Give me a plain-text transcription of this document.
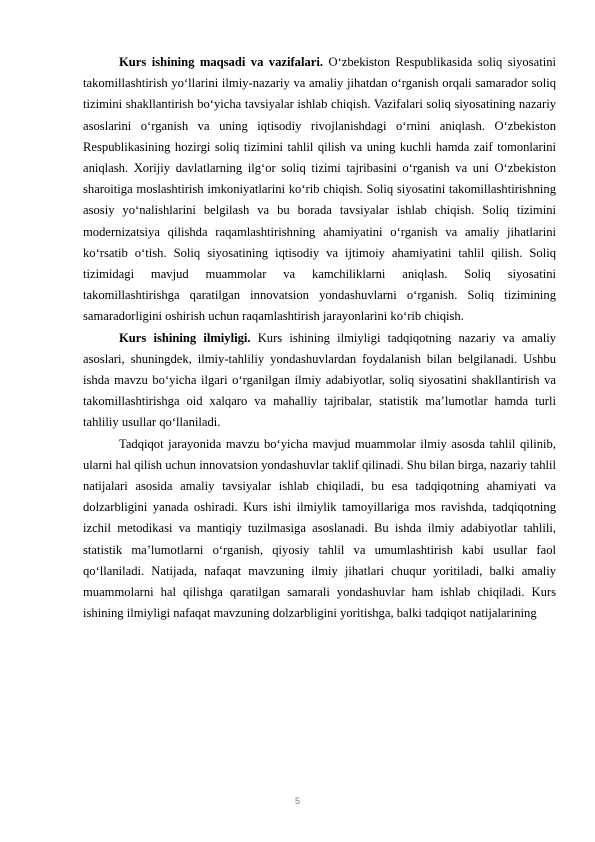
Kurs ishining maqsadi va vazifalari. O‘zbekiston Respublikasida soliq siyosatini takomillashtirish yo‘llarini ilmiy-nazariy va amaliy jihatdan o‘rganish orqali samarador soliq tizimini shakllantirish bo‘yicha tavsiyalar ishlab chiqish. Vazifalari soliq siyosatining nazariy asoslarini o‘rganish va uning iqtisodiy rivojlanishdagi o‘rnini aniqlash. O‘zbekiston Respublikasining hozirgi soliq tizimini tahlil qilish va uning kuchli hamda zaif tomonlarini aniqlash. Xorijiy davlatlarning ilg‘or soliq tizimi tajribasini o‘rganish va uni O‘zbekiston sharoitiga moslashtirish imkoniyatlarini ko‘rib chiqish. Soliq siyosatini takomillashtirishning asosiy yo‘nalishlarini belgilash va bu borada tavsiyalar ishlab chiqish. Soliq tizimini modernizatsiya qilishda raqamlashtirishning ahamiyatini o‘rganish va amaliy jihatlarini ko‘rsatib o‘tish. Soliq siyosatining iqtisodiy va ijtimoiy ahamiyatini tahlil qilish. Soliq tizimidagi mavjud muammolar va kamchiliklarni aniqlash. Soliq siyosatini takomillashtirishga qaratilgan innovatsion yondashuvlarni o‘rganish. Soliq tizimining samaradorligini oshirish uchun raqamlashtirish jarayonlarini ko‘rib chiqish.

Kurs ishining ilmiyligi. Kurs ishining ilmiyligi tadqiqotning nazariy va amaliy asoslari, shuningdek, ilmiy-tahliliy yondashuvlardan foydalanish bilan belgilanadi. Ushbu ishda mavzu bo‘yicha ilgari o‘rganilgan ilmiy adabiyotlar, soliq siyosatini shakllantirish va takomillashtirishga oid xalqaro va mahalliy tajribalar, statistik ma’lumotlar hamda turli tahliliy usullar qo‘llaniladi.

Tadqiqot jarayonida mavzu bo‘yicha mavjud muammolar ilmiy asosda tahlil qilinib, ularni hal qilish uchun innovatsion yondashuvlar taklif qilinadi. Shu bilan birga, nazariy tahlil natijalari asosida amaliy tavsiyalar ishlab chiqiladi, bu esa tadqiqotning ahamiyati va dolzarbligini yanada oshiradi. Kurs ishi ilmiylik tamoyillariga mos ravishda, tadqiqotning izchil metodikasi va mantiqiy tuzilmasiga asoslanadi. Bu ishda ilmiy adabiyotlar tahlili, statistik ma’lumotlarni o‘rganish, qiyosiy tahlil va umumlashtirish kabi usullar faol qo‘llaniladi. Natijada, nafaqat mavzuning ilmiy jihatlari chuqur yoritiladi, balki amaliy muammolarni hal qilishga qaratilgan samarali yondashuvlar ham ishlab chiqiladi. Kurs ishining ilmiyligi nafaqat mavzuning dolzarbligini yoritishga, balki tadqiqot natijalarining

5
